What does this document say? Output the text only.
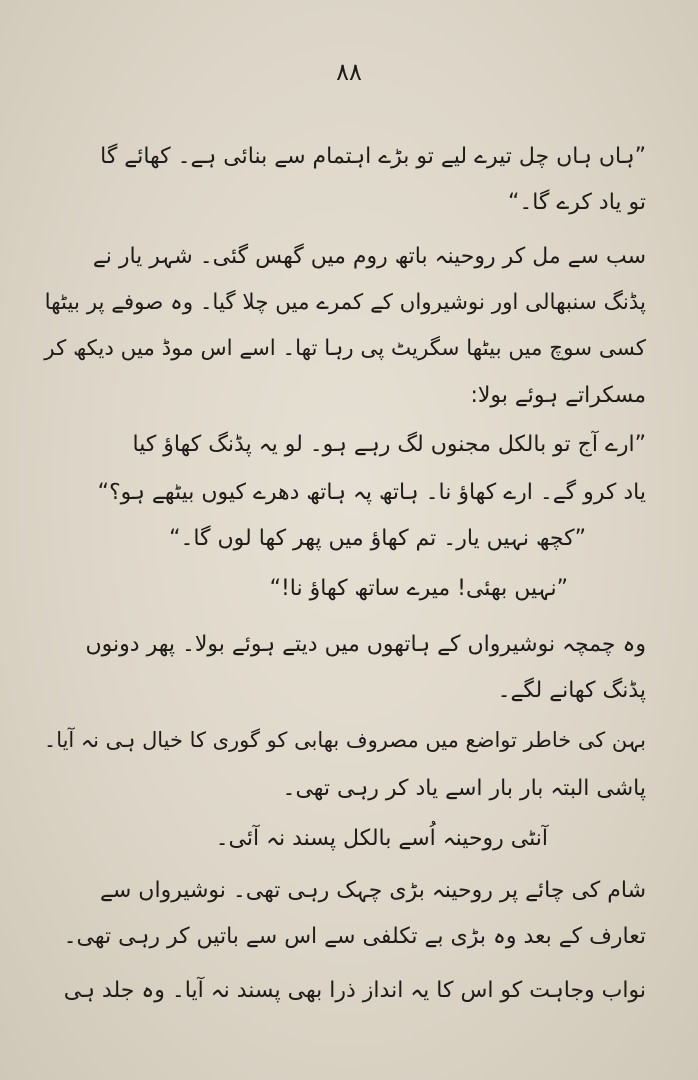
۸۸
”ہاں ہاں چل تیرے لیے تو بڑے اہتمام سے بنائی ہے۔ کھائے گا
تو یاد کرے گا۔“
سب سے مل کر روحینہ باتھ روم میں گھس گئی۔ شہر یار نے
پڈنگ سنبھالی اور نوشیرواں کے کمرے میں چلا گیا۔ وہ صوفے پر بیٹھا
کسی سوچ میں بیٹھا سگریٹ پی رہا تھا۔ اسے اس موڈ میں دیکھ کر
مسکراتے ہوئے بولا:
”ارے آج تو بالکل مجنوں لگ رہے ہو۔ لو یہ پڈنگ کھاؤ کیا
یاد کرو گے۔ ارے کھاؤ نا۔ ہاتھ پہ ہاتھ دھرے کیوں بیٹھے ہو؟“
”کچھ نہیں یار۔ تم کھاؤ میں پھر کھا لوں گا۔“
”نہیں بھئی! میرے ساتھ کھاؤ نا!“
وہ چمچہ نوشیرواں کے ہاتھوں میں دیتے ہوئے بولا۔ پھر دونوں
پڈنگ کھانے لگے۔
بہن کی خاطر تواضع میں مصروف بھابی کو گوری کا خیال ہی نہ آیا۔
پاشی البتہ بار بار اسے یاد کر رہی تھی۔
آنٹی روحینہ اُسے بالکل پسند نہ آئی۔
شام کی چائے پر روحینہ بڑی چہک رہی تھی۔ نوشیرواں سے
تعارف کے بعد وہ بڑی بے تکلفی سے اس سے باتیں کر رہی تھی۔
نواب وجاہت کو اس کا یہ انداز ذرا بھی پسند نہ آیا۔ وہ جلد ہی
